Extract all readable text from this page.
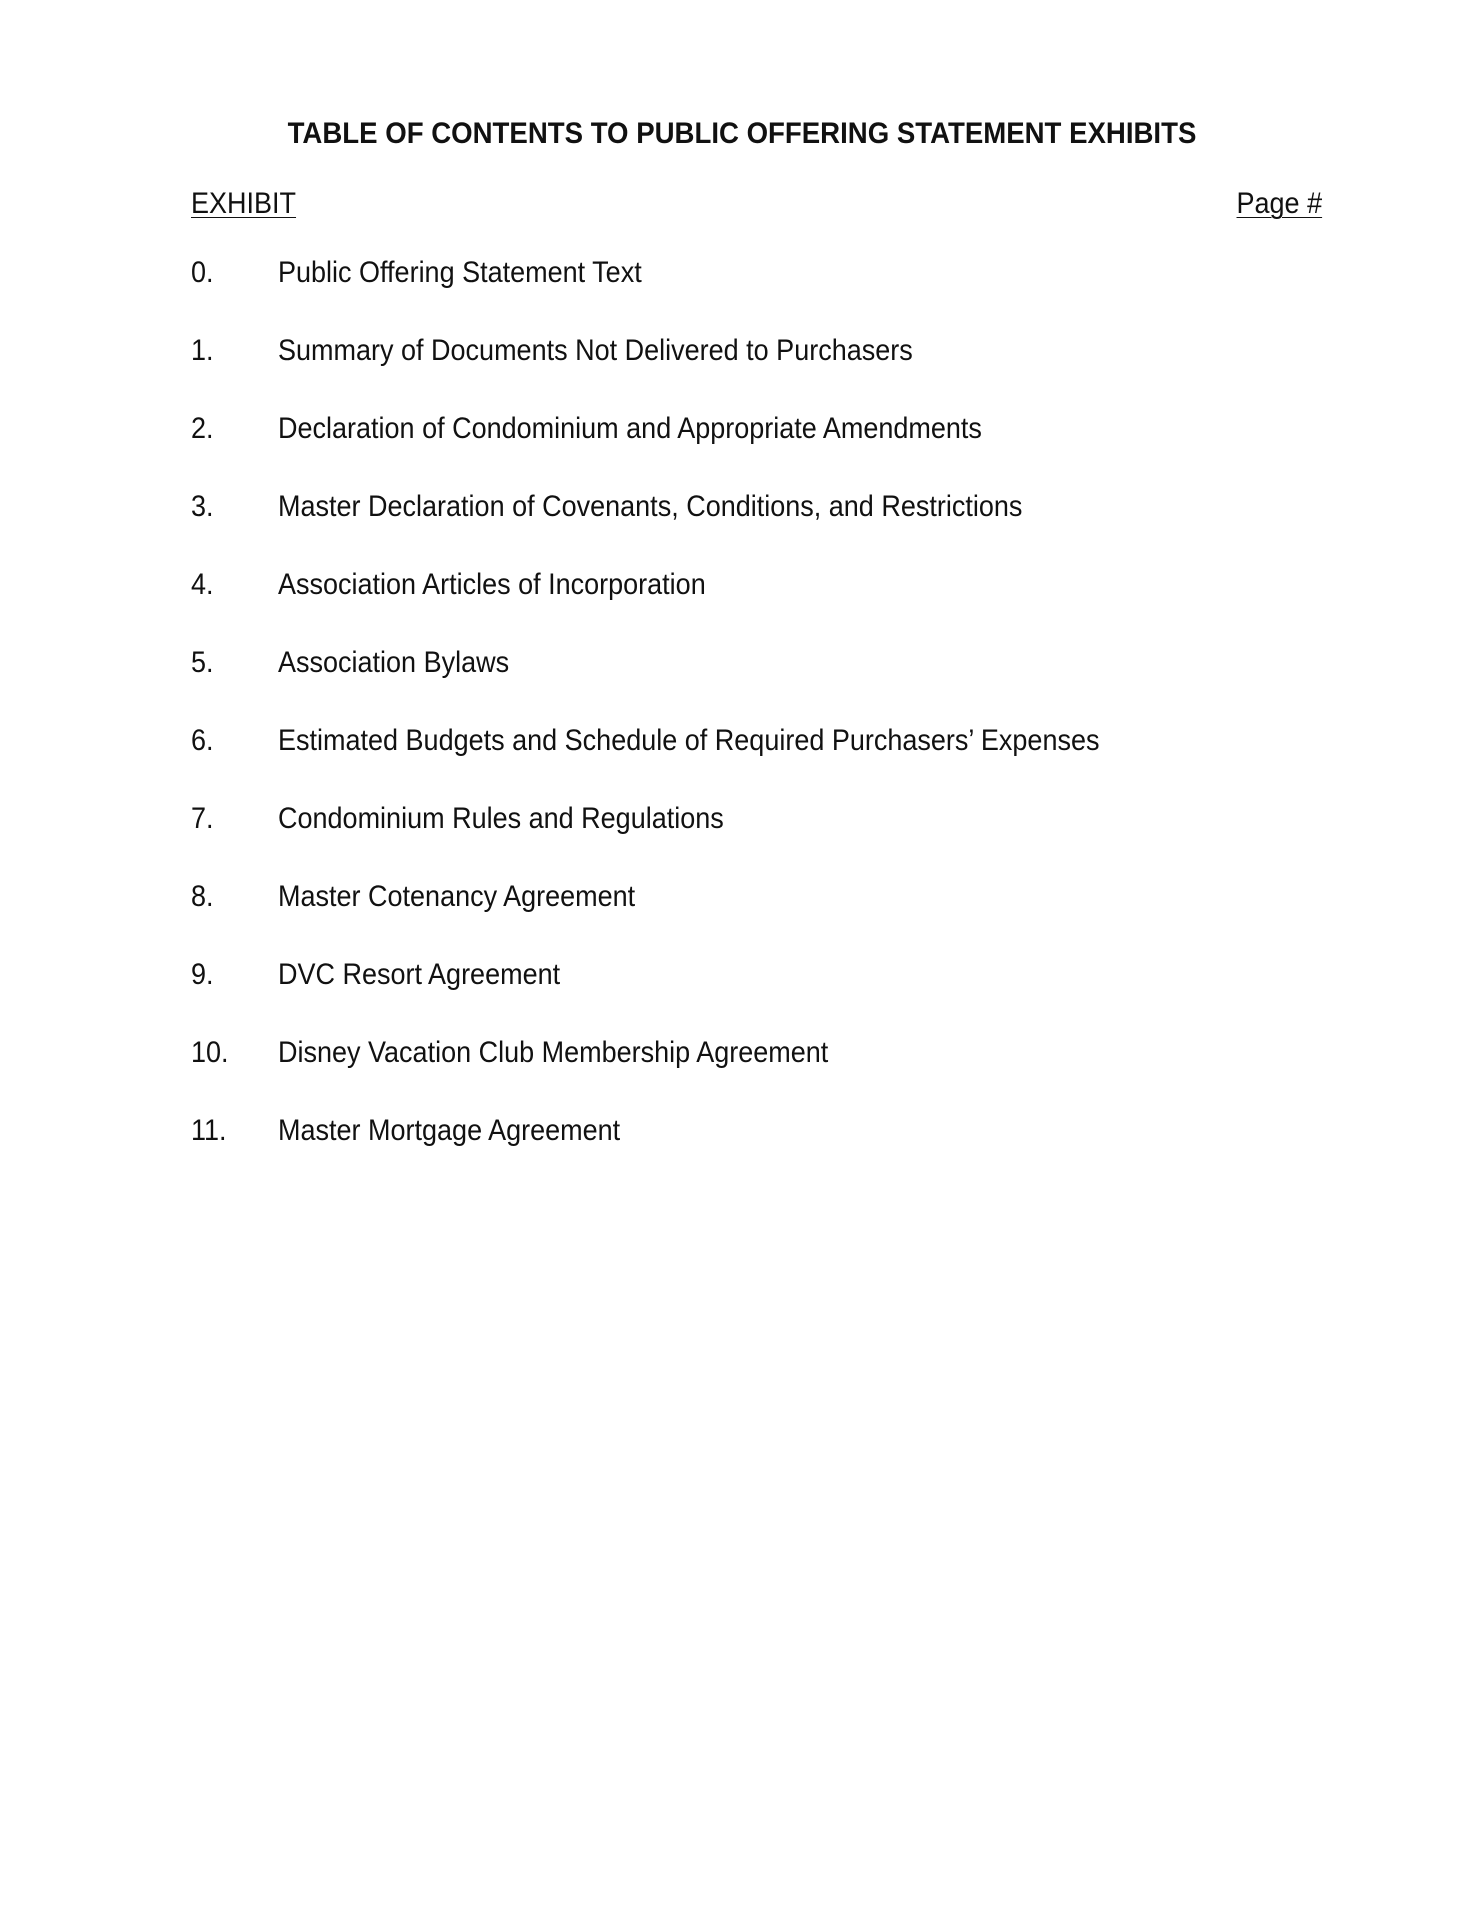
TABLE OF CONTENTS TO PUBLIC OFFERING STATEMENT EXHIBITS
EXHIBIT	Page #
0.	Public Offering Statement Text
1.	Summary of Documents Not Delivered to Purchasers
2.	Declaration of Condominium and Appropriate Amendments
3.	Master Declaration of Covenants, Conditions, and Restrictions
4.	Association Articles of Incorporation
5.	Association Bylaws
6.	Estimated Budgets and Schedule of Required Purchasers’ Expenses
7.	Condominium Rules and Regulations
8.	Master Cotenancy Agreement
9.	DVC Resort Agreement
10.	Disney Vacation Club Membership Agreement
11.	Master Mortgage Agreement
